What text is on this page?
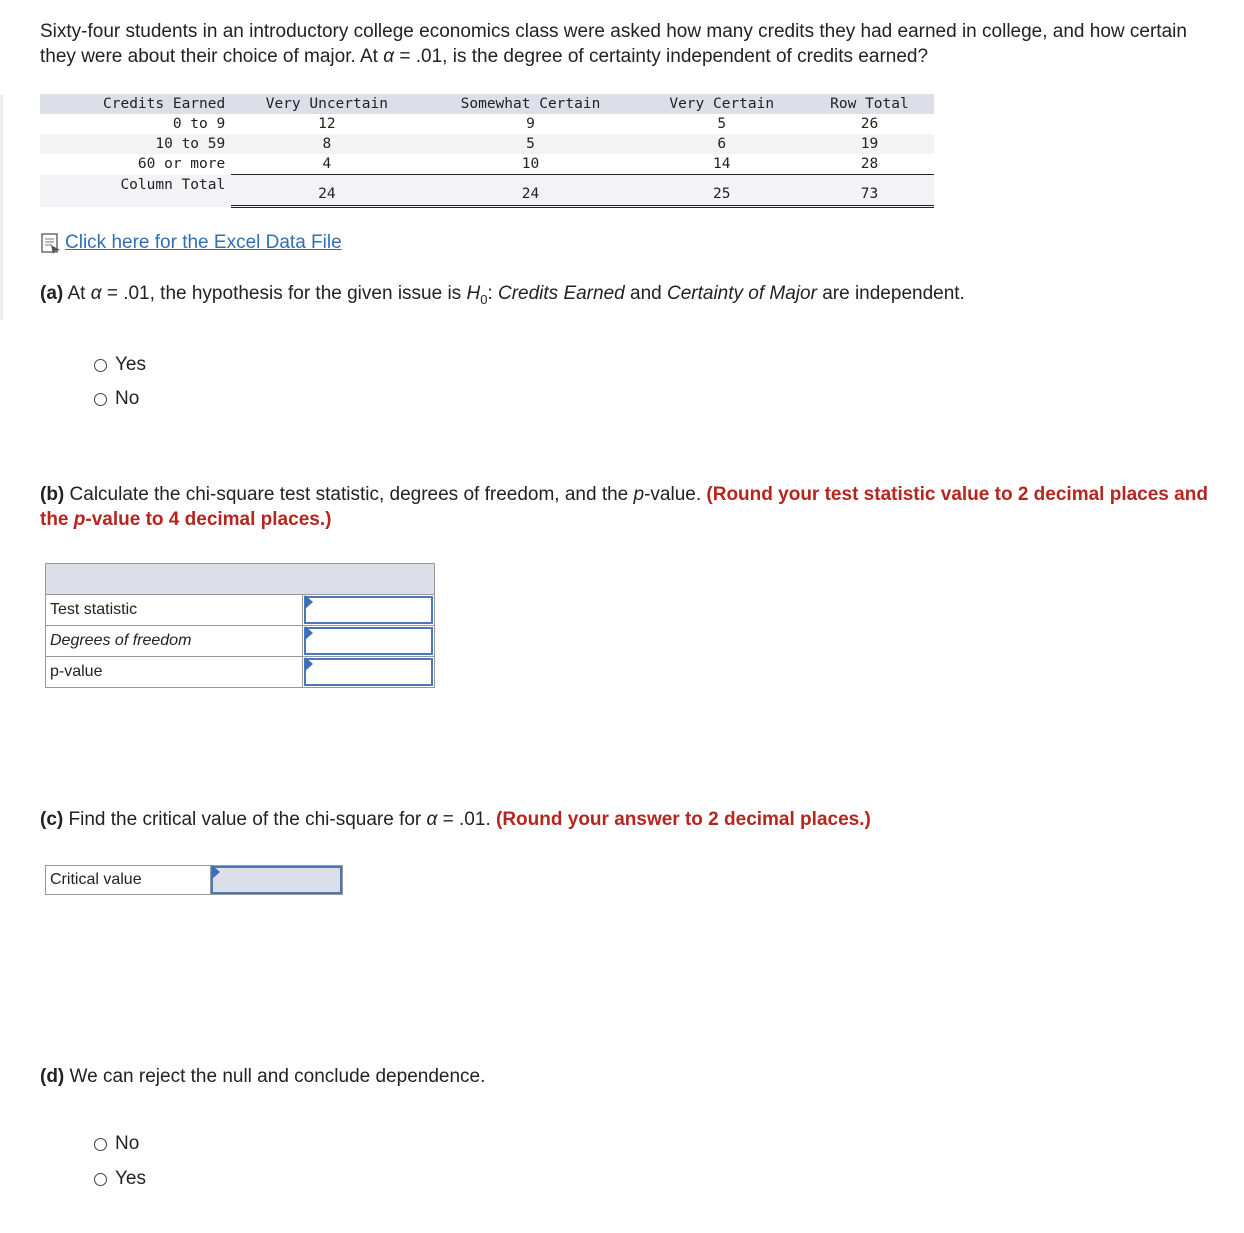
Sixty-four students in an introductory college economics class were asked how many credits they had earned in college, and how certain they were about their choice of major. At α = .01, is the degree of certainty independent of credits earned?
Credits Earned	Very Uncertain	Somewhat Certain	Very Certain	Row Total
0 to 9	12	9	5	26
10 to 59	8	5	6	19
60 or more	4	10	14	28
Column Total	24	24	25	73
Click here for the Excel Data File
(a) At α = .01, the hypothesis for the given issue is $H_0$: Credits Earned and Certainty of Major are independent.
Yes
No
(b) Calculate the chi-square test statistic, degrees of freedom, and the p-value. (Round your test statistic value to 2 decimal places and the p-value to 4 decimal places.)
Test statistic
Degrees of freedom
p-value
(c) Find the critical value of the chi-square for α = .01. (Round your answer to 2 decimal places.)
Critical value
(d) We can reject the null and conclude dependence.
No
Yes
